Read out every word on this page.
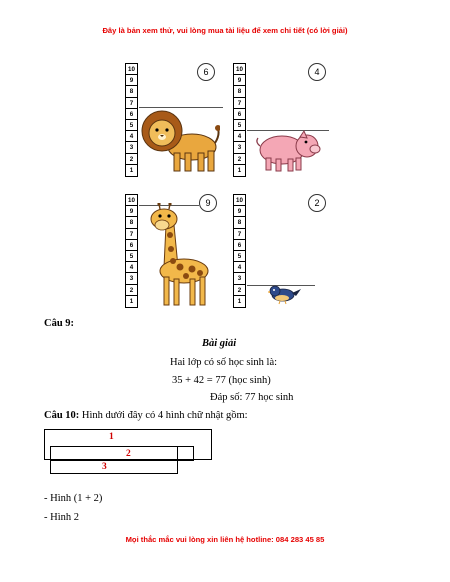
Đây là bản xem thử, vui lòng mua tài liệu để xem chi tiết (có lời giải)
10
9
8
7
6
5
4
3
2
1
6	10
9
8
7
6
5
4
3
2
1
4
10
9
8
7
6
5
4
3
2
1
9	10
9
8
7
6
5
4
3
2
1
2
Câu 9:
Bài giải
Hai lớp có số học sinh là:
35 + 42 = 77 (học sinh)
Đáp số: 77 học sinh
Câu 10: Hình dưới đây có 4 hình chữ nhật gồm:
1
2
3
- Hình (1 + 2)
- Hình 2
Mọi thắc mắc vui lòng xin liên hệ hotline: 084 283 45 85
